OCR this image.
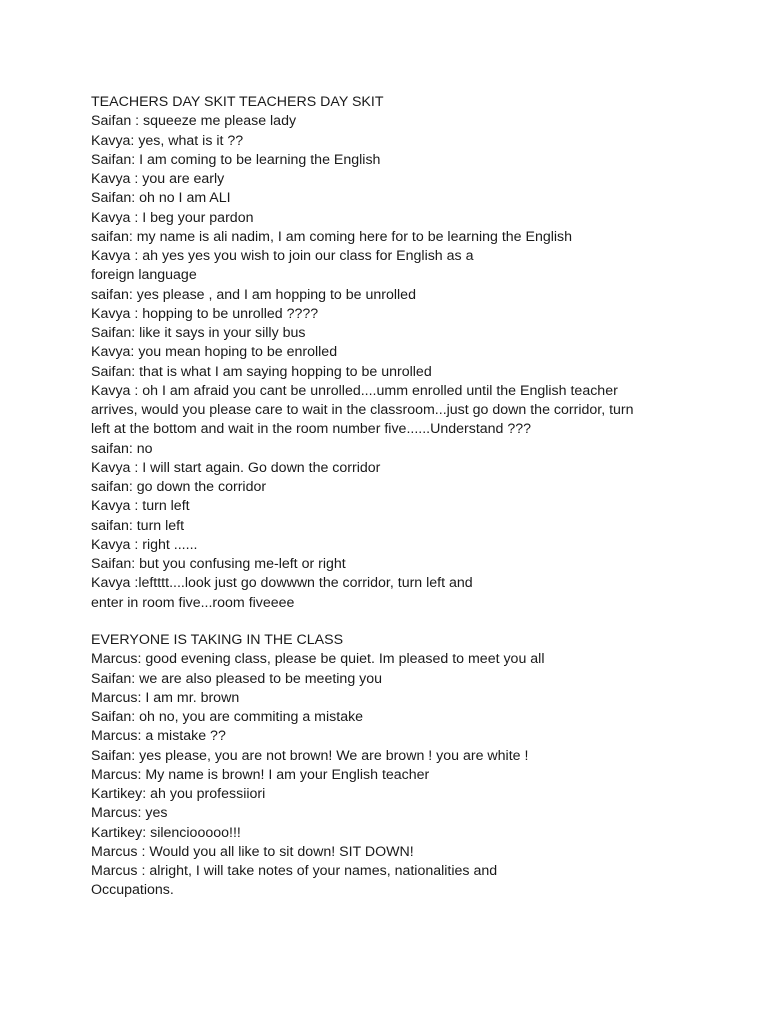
TEACHERS DAY SKIT TEACHERS DAY SKIT
Saifan : squeeze me please lady
Kavya: yes, what is it ??
Saifan: I am coming to be learning the English
Kavya : you are early
Saifan: oh no I am ALI
Kavya : I beg your pardon
saifan: my name is ali nadim, I am coming here for to be learning the English
Kavya : ah yes yes you wish to join our class for English as a
foreign language
saifan: yes please , and I am hopping to be unrolled
Kavya : hopping to be unrolled ????
Saifan: like it says in your silly bus
Kavya: you mean hoping to be enrolled
Saifan: that is what I am saying hopping to be unrolled
Kavya : oh I am afraid you cant be unrolled....umm enrolled until the English teacher
arrives, would you please care to wait in the classroom...just go down the corridor, turn
left at the bottom and wait in the room number five......Understand ???
saifan: no
Kavya : I will start again. Go down the corridor
saifan: go down the corridor
Kavya : turn left
saifan: turn left
Kavya : right ......
Saifan: but you confusing me-left or right
Kavya :leftttt....look just go dowwwn the corridor, turn left and
enter in room five...room fiveeee
EVERYONE IS TAKING IN THE CLASS
Marcus: good evening class, please be quiet. Im pleased to meet you all
Saifan: we are also pleased to be meeting you
Marcus: I am mr. brown
Saifan: oh no, you are commiting a mistake
Marcus: a mistake ??
Saifan: yes please, you are not brown! We are brown ! you are white !
Marcus: My name is brown! I am your English teacher
Kartikey: ah you professiiori
Marcus: yes
Kartikey: silenciooooo!!!
Marcus : Would you all like to sit down! SIT DOWN!
Marcus : alright, I will take notes of your names, nationalities and
Occupations.
